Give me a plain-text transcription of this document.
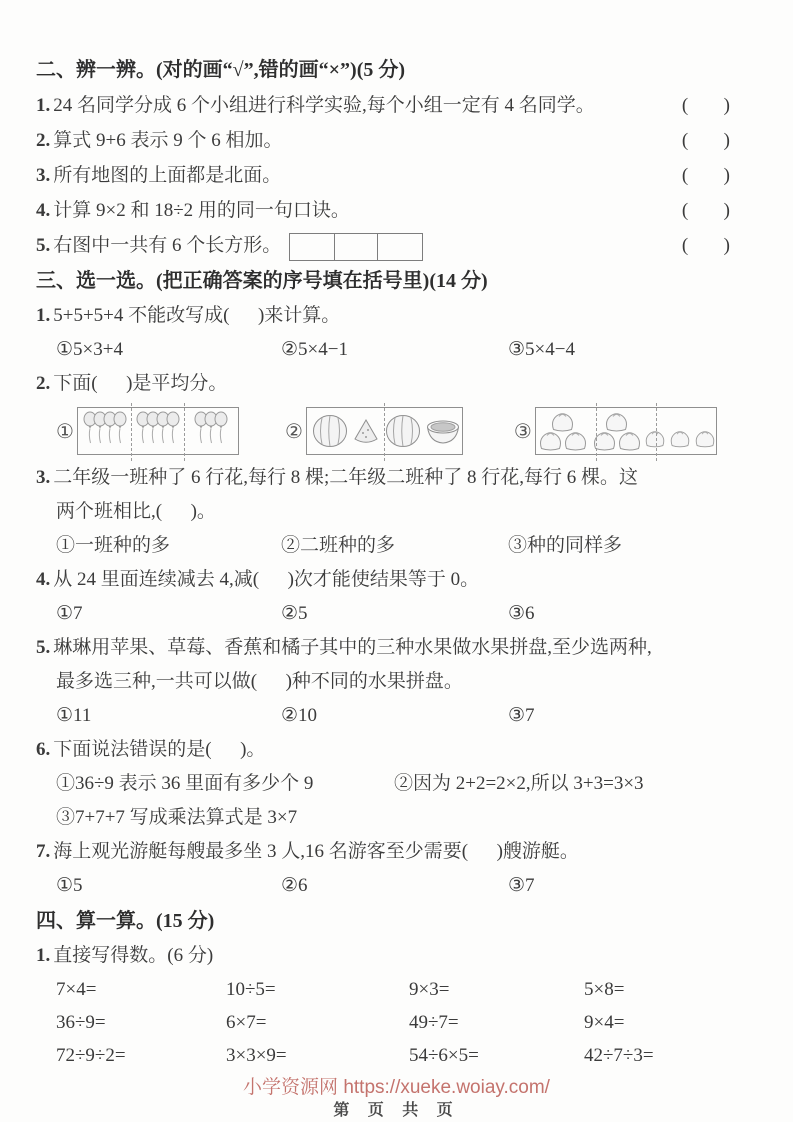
二、辨一辨。(对的画“√”,错的画“×”)(5 分)
1. 24 名同学分成 6 个小组进行科学实验,每个小组一定有 4 名同学。	(      )
2. 算式 9+6 表示 9 个 6 相加。	(      )
3. 所有地图的上面都是北面。	(      )
4. 计算 9×2 和 18÷2 用的同一句口诀。	(      )
5. 右图中一共有 6 个长方形。	(      )
三、选一选。(把正确答案的序号填在括号里)(14 分)
1. 5+5+5+4 不能改写成(      )来计算。
①5×3+4	②5×4−1	③5×4−4
2. 下面(      )是平均分。
①	②	③
3. 二年级一班种了 6 行花,每行 8 棵;二年级二班种了 8 行花,每行 6 棵。这
两个班相比,(      )。
①一班种的多	②二班种的多	③种的同样多
4. 从 24 里面连续减去 4,减(      )次才能使结果等于 0。
①7	②5	③6
5. 琳琳用苹果、草莓、香蕉和橘子其中的三种水果做水果拼盘,至少选两种,
最多选三种,一共可以做(      )种不同的水果拼盘。
①11	②10	③7
6. 下面说法错误的是(      )。
①36÷9 表示 36 里面有多少个 9	②因为 2+2=2×2,所以 3+3=3×3
③7+7+7 写成乘法算式是 3×7
7. 海上观光游艇每艘最多坐 3 人,16 名游客至少需要(      )艘游艇。
①5	②6	③7
四、算一算。(15 分)
1. 直接写得数。(6 分)
7×4=	10÷5=	9×3=	5×8=
36÷9=	6×7=	49÷7=	9×4=
72÷9÷2=	3×3×9=	54÷6×5=	42÷7÷3=
小学资源网 https://xueke.woiay.com/
第 页 共 页
